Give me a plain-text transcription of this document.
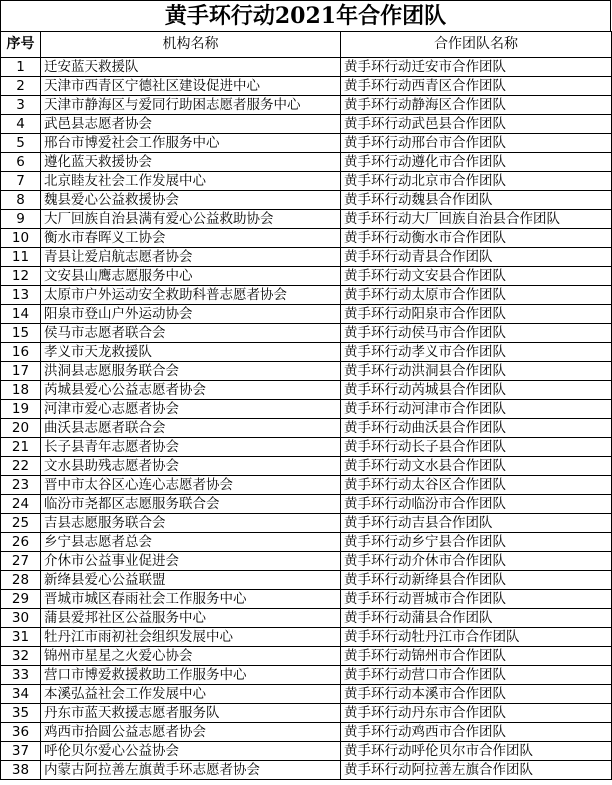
黄手环行动2021年合作团队
序号	机构名称	合作团队名称
1	迁安蓝天救援队	黄手环行动迁安市合作团队
2	天津市西青区宁德社区建设促进中心	黄手环行动西青区合作团队
3	天津市静海区与爱同行助困志愿者服务中心	黄手环行动静海区合作团队
4	武邑县志愿者协会	黄手环行动武邑县合作团队
5	邢台市博爱社会工作服务中心	黄手环行动邢台市合作团队
6	遵化蓝天救援协会	黄手环行动遵化市合作团队
7	北京睦友社会工作发展中心	黄手环行动北京市合作团队
8	魏县爱心公益救援协会	黄手环行动魏县合作团队
9	大厂回族自治县满有爱心公益救助协会	黄手环行动大厂回族自治县合作团队
10	衡水市春晖义工协会	黄手环行动衡水市合作团队
11	青县让爱启航志愿者协会	黄手环行动青县合作团队
12	文安县山鹰志愿服务中心	黄手环行动文安县合作团队
13	太原市户外运动安全救助科普志愿者协会	黄手环行动太原市合作团队
14	阳泉市登山户外运动协会	黄手环行动阳泉市合作团队
15	侯马市志愿者联合会	黄手环行动侯马市合作团队
16	孝义市天龙救援队	黄手环行动孝义市合作团队
17	洪洞县志愿服务联合会	黄手环行动洪洞县合作团队
18	芮城县爱心公益志愿者协会	黄手环行动芮城县合作团队
19	河津市爱心志愿者协会	黄手环行动河津市合作团队
20	曲沃县志愿者联合会	黄手环行动曲沃县合作团队
21	长子县青年志愿者协会	黄手环行动长子县合作团队
22	文水县助残志愿者协会	黄手环行动文水县合作团队
23	晋中市太谷区心连心志愿者协会	黄手环行动太谷区合作团队
24	临汾市尧都区志愿服务联合会	黄手环行动临汾市合作团队
25	吉县志愿服务联合会	黄手环行动吉县合作团队
26	乡宁县志愿者总会	黄手环行动乡宁县合作团队
27	介休市公益事业促进会	黄手环行动介休市合作团队
28	新绛县爱心公益联盟	黄手环行动新绛县合作团队
29	晋城市城区春雨社会工作服务中心	黄手环行动晋城市合作团队
30	蒲县爱邦社区公益服务中心	黄手环行动蒲县合作团队
31	牡丹江市雨初社会组织发展中心	黄手环行动牡丹江市合作团队
32	锦州市星星之火爱心协会	黄手环行动锦州市合作团队
33	营口市博爱救援救助工作服务中心	黄手环行动营口市合作团队
34	本溪弘益社会工作发展中心	黄手环行动本溪市合作团队
35	丹东市蓝天救援志愿者服务队	黄手环行动丹东市合作团队
36	鸡西市拾圆公益志愿者协会	黄手环行动鸡西市合作团队
37	呼伦贝尔爱心公益协会	黄手环行动呼伦贝尔市合作团队
38	内蒙古阿拉善左旗黄手环志愿者协会	黄手环行动阿拉善左旗合作团队
